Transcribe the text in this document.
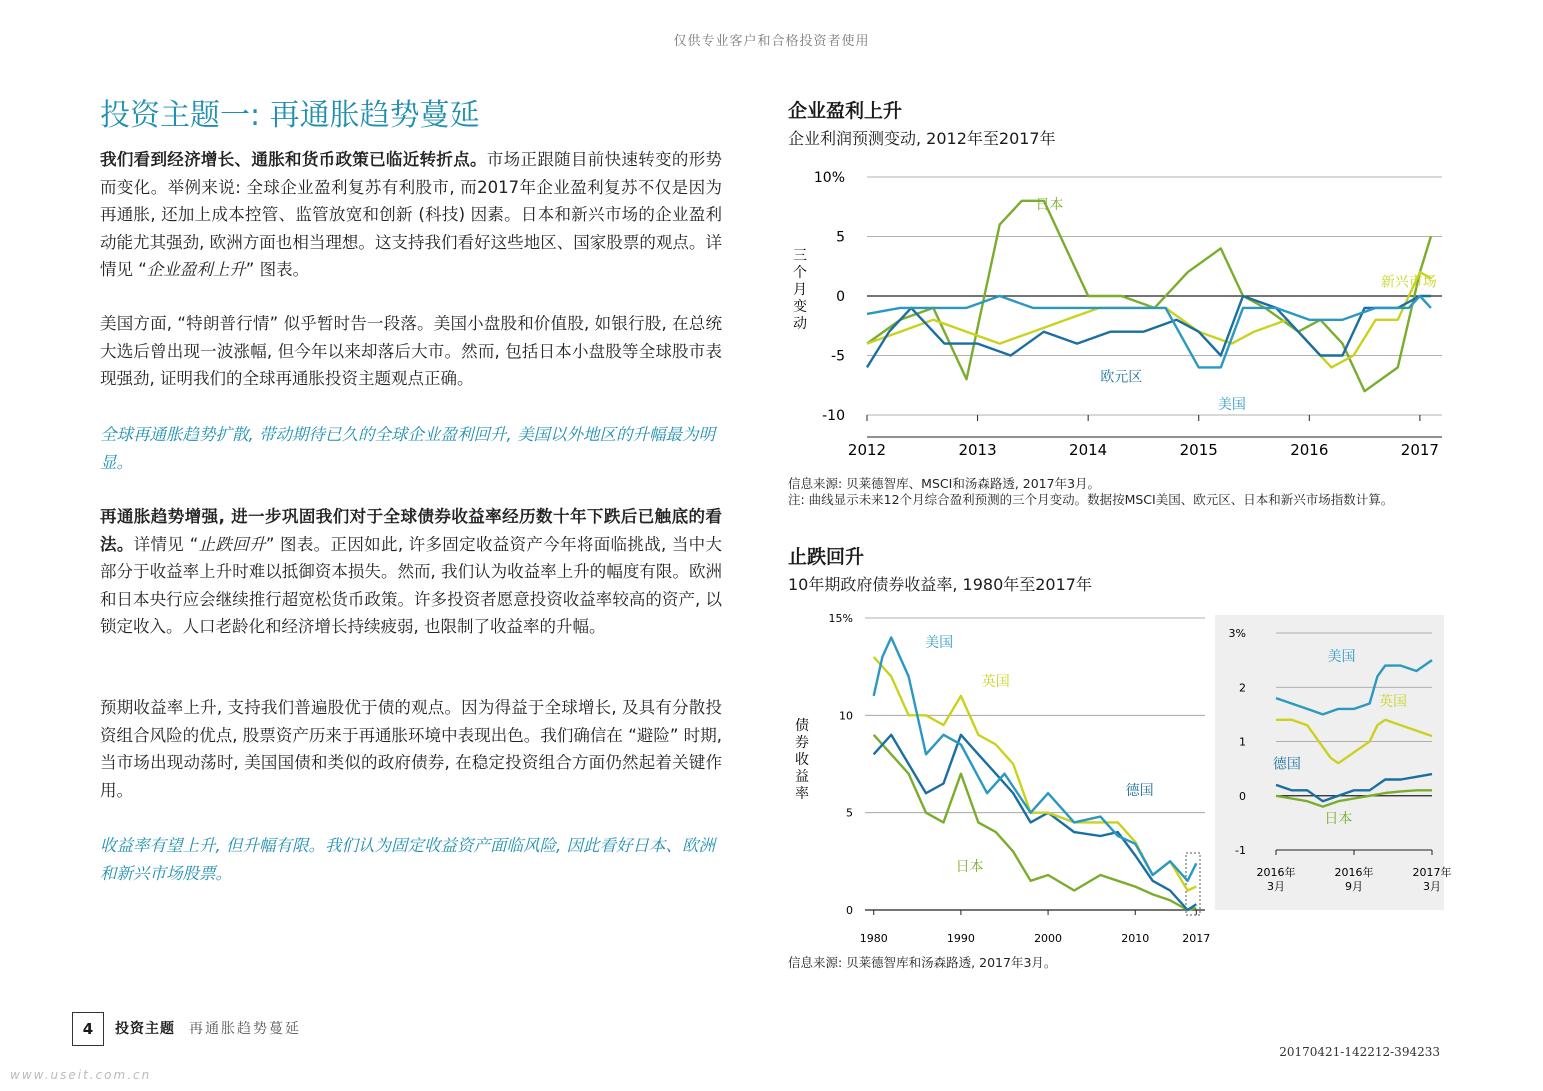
仅供专业客户和合格投资者使用
投资主题一: 再通胀趋势蔓延
我们看到经济增长、通胀和货币政策已临近转折点。市场正跟随目前快速转变的形势而变化。举例来说: 全球企业盈利复苏有利股市, 而2017年企业盈利复苏不仅是因为再通胀, 还加上成本控管、监管放宽和创新 (科技) 因素。日本和新兴市场的企业盈利动能尤其强劲, 欧洲方面也相当理想。这支持我们看好这些地区、国家股票的观点。详情见 “企业盈利上升” 图表。
美国方面, “特朗普行情” 似乎暂时告一段落。美国小盘股和价值股, 如银行股, 在总统大选后曾出现一波涨幅, 但今年以来却落后大市。然而, 包括日本小盘股等全球股市表现强劲, 证明我们的全球再通胀投资主题观点正确。
全球再通胀趋势扩散, 带动期待已久的全球企业盈利回升, 美国以外地区的升幅最为明显。
再通胀趋势增强, 进一步巩固我们对于全球债券收益率经历数十年下跌后已触底的看法。详情见 “止跌回升” 图表。正因如此, 许多固定收益资产今年将面临挑战, 当中大部分于收益率上升时难以抵御资本损失。然而, 我们认为收益率上升的幅度有限。欧洲和日本央行应会继续推行超宽松货币政策。许多投资者愿意投资收益率较高的资产, 以锁定收入。人口老龄化和经济增长持续疲弱, 也限制了收益率的升幅。
预期收益率上升, 支持我们普遍股优于债的观点。因为得益于全球增长, 及具有分散投资组合风险的优点, 股票资产历来于再通胀环境中表现出色。我们确信在 “避险” 时期, 当市场出现动荡时, 美国国债和类似的政府债券, 在稳定投资组合方面仍然起着关键作用。
收益率有望上升, 但升幅有限。我们认为固定收益资产面临风险, 因此看好日本、欧洲和新兴市场股票。
企业盈利上升
企业利润预测变动, 2012年至2017年
10%
5
0
-5
-10
2012	2013	2014	2015	2016	2017
三
个
月
变
动
日本
新兴市场
欧元区
美国
信息来源: 贝莱德智库、MSCI和汤森路透, 2017年3月。
注: 曲线显示未来12个月综合盈利预测的三个月变动。数据按MSCI美国、欧元区、日本和新兴市场指数计算。
止跌回升
10年期政府债券收益率, 1980年至2017年
15%
10
5
0
1980	1990	2000	2010	2017
债
券
收
益
率
日本
德国
英国
美国
3%
2
1
0
-1
2016年
3月
2016年
9月
2017年
3月
日本
德国
英国
美国
信息来源: 贝莱德智库和汤森路透, 2017年3月。
4	投资主题 再通胀趋势蔓延
20170421-142212-394233
www.useit.com.cn
